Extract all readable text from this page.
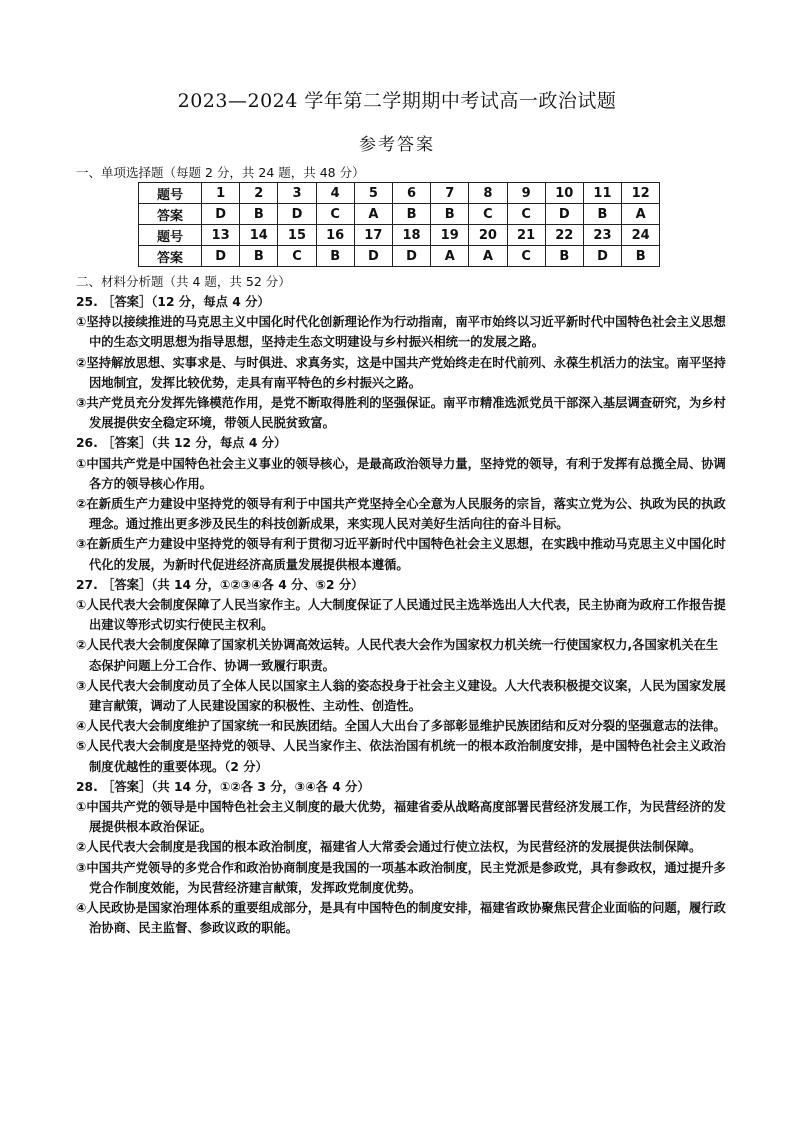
2023—2024 学年第二学期期中考试高一政治试题
参考答案
一、单项选择题（每题 2 分，共 24 题，共 48 分）
题号	1	2	3	4	5	6	7	8	9	10	11	12
答案	D	B	D	C	A	B	B	C	C	D	B	A
题号	13	14	15	16	17	18	19	20	21	22	23	24
答案	D	B	C	B	D	D	A	A	C	B	D	B
二、材料分析题（共 4 题，共 52 分）
25. ［答案］（12 分，每点 4 分）
①坚持以接续推进的马克思主义中国化时代化创新理论作为行动指南，南平市始终以习近平新时代中国特色社会主义思想中的生态文明思想为指导思想，坚持走生态文明建设与乡村振兴相统一的发展之路。
②坚持解放思想、实事求是、与时俱进、求真务实，这是中国共产党始终走在时代前列、永葆生机活力的法宝。南平坚持因地制宜，发挥比较优势，走具有南平特色的乡村振兴之路。
③共产党员充分发挥先锋模范作用，是党不断取得胜利的坚强保证。南平市精准选派党员干部深入基层调查研究，为乡村发展提供安全稳定环境，带领人民脱贫致富。
26. ［答案］（共 12 分，每点 4 分）
①中国共产党是中国特色社会主义事业的领导核心，是最高政治领导力量，坚持党的领导，有利于发挥有总揽全局、协调各方的领导核心作用。
②在新质生产力建设中坚持党的领导有利于中国共产党坚持全心全意为人民服务的宗旨，落实立党为公、执政为民的执政理念。通过推出更多涉及民生的科技创新成果，来实现人民对美好生活向往的奋斗目标。
③在新质生产力建设中坚持党的领导有利于贯彻习近平新时代中国特色社会主义思想，在实践中推动马克思主义中国化时代化的发展，为新时代促进经济高质量发展提供根本遵循。
27. ［答案］（共 14 分，①②③④各 4 分、⑤2 分）
①人民代表大会制度保障了人民当家作主。人大制度保证了人民通过民主选举选出人大代表，民主协商为政府工作报告提出建议等形式切实行使民主权利。
②人民代表大会制度保障了国家机关协调高效运转。人民代表大会作为国家权力机关统一行使国家权力,各国家机关在生态保护问题上分工合作、协调一致履行职责。
③人民代表大会制度动员了全体人民以国家主人翁的姿态投身于社会主义建设。人大代表积极提交议案，人民为国家发展建言献策，调动了人民建设国家的积极性、主动性、创造性。
④人民代表大会制度维护了国家统一和民族团结。全国人大出台了多部彰显维护民族团结和反对分裂的坚强意志的法律。
⑤人民代表大会制度是坚持党的领导、人民当家作主、依法治国有机统一的根本政治制度安排，是中国特色社会主义政治制度优越性的重要体现。（2 分）
28. ［答案］（共 14 分，①②各 3 分，③④各 4 分）
①中国共产党的领导是中国特色社会主义制度的最大优势，福建省委从战略高度部署民营经济发展工作，为民营经济的发展提供根本政治保证。
②人民代表大会制度是我国的根本政治制度，福建省人大常委会通过行使立法权，为民营经济的发展提供法制保障。
③中国共产党领导的多党合作和政治协商制度是我国的一项基本政治制度，民主党派是参政党，具有参政权，通过提升多党合作制度效能，为民营经济建言献策，发挥政党制度优势。
④人民政协是国家治理体系的重要组成部分，是具有中国特色的制度安排，福建省政协聚焦民营企业面临的问题，履行政治协商、民主监督、参政议政的职能。
